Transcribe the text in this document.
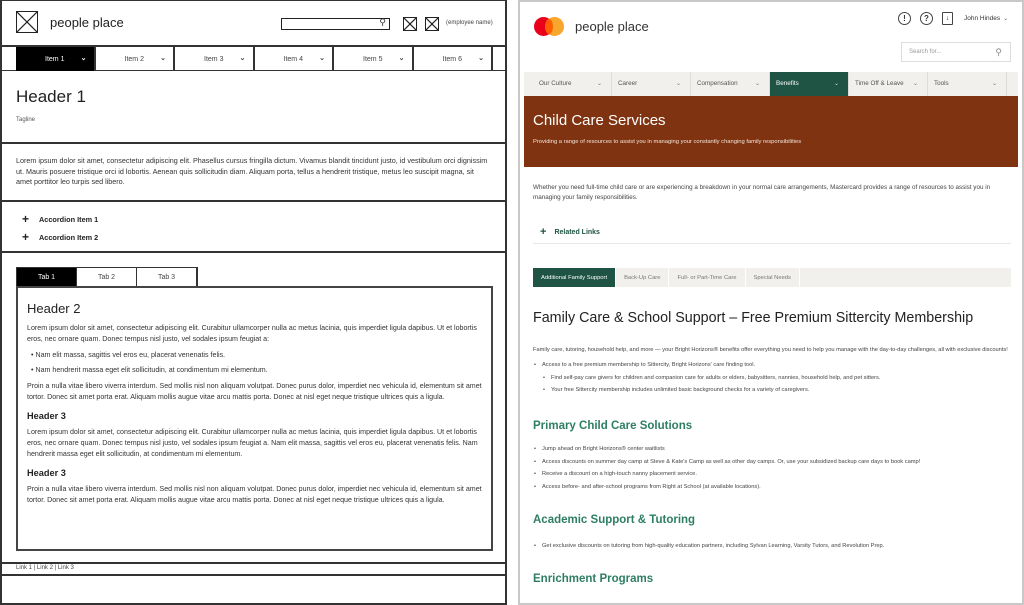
people place	⚲	(employee name)
Item 1 ⌄	Item 2 ⌄	Item 3 ⌄	Item 4 ⌄	Item 5 ⌄	Item 6 ⌄
Header 1
Tagline
Lorem ipsum dolor sit amet, consectetur adipiscing elit. Phasellus cursus fringilla dictum. Vivamus blandit tincidunt justo, id vestibulum orci dignissim ut. Mauris posuere tristique orci id lobortis. Aenean quis sollicitudin diam. Aliquam porta, tellus a hendrerit tristique, metus leo suscipit magna, sit amet porttitor leo turpis sed libero.
+	Accordion Item 1
+	Accordion Item 2
Tab 1	Tab 2	Tab 3
Header 2

Lorem ipsum dolor sit amet, consectetur adipiscing elit. Curabitur ullamcorper nulla ac metus lacinia, quis imperdiet ligula dapibus. Ut et lobortis eros, nec ornare quam. Donec tempus nisl justo, vel sodales ipsum feugiat a:

• Nam elit massa, sagittis vel eros eu, placerat venenatis felis.
• Nam hendrerit massa eget elit sollicitudin, at condimentum mi elementum.

Proin a nulla vitae libero viverra interdum. Sed mollis nisl non aliquam volutpat. Donec purus dolor, imperdiet nec vehicula id, elementum sit amet tortor. Donec sit amet porta erat. Aliquam mollis augue vitae arcu mattis porta. Donec at nisl eget neque tristique ultrices quis a ligula.

Header 3

Lorem ipsum dolor sit amet, consectetur adipiscing elit. Curabitur ullamcorper nulla ac metus lacinia, quis imperdiet ligula dapibus. Ut et lobortis eros, nec ornare quam. Donec tempus nisl justo, vel sodales ipsum feugiat a. Nam elit massa, sagittis vel eros eu, placerat venenatis felis. Nam hendrerit massa eget elit sollicitudin, at condimentum mi elementum.

Header 3

Proin a nulla vitae libero viverra interdum. Sed mollis nisl non aliquam volutpat. Donec purus dolor, imperdiet nec vehicula id, elementum sit amet tortor. Donec sit amet porta erat. Aliquam mollis augue vitae arcu mattis porta. Donec at nisl eget neque tristique ultrices quis a ligula.

Link 1 | Link 2 | Link 3
people place
!	?	↓	John Hindes ⌄
Search for...	⚲
Our Culture	⌄	Career	⌄	Compensation	⌄	Benefits	⌄	Time Off & Leave ⌄	Tools	⌄
Child Care Services

Providing a range of resources to assist you in managing your constantly changing family responsibilities

Whether you need full-time child care or are experiencing a breakdown in your normal care arrangements, Mastercard provides a range of resources to assist you in managing your family responsibilities.
+ Related Links
Additional Family Support	Back-Up Care	Full- or Part-Time Care	Special Needs
Family Care & School Support – Free Premium Sittercity Membership

Family care, tutoring, household help, and more — your Bright Horizons® benefits offer everything you need to help you manage with the day-to-day challenges, all with exclusive discounts!

• Access to a free premium membership to Sittercity, Bright Horizons' care finding tool.
• Find self-pay care givers for children and companion care for adults or elders, babysitters, nannies, household help, and pet sitters.
• Your free Sittercity membership includes unlimited basic background checks for a variety of caregivers.
Primary Child Care Solutions
• Jump ahead on Bright Horizons® center waitlists
• Access discounts on summer day camp at Steve & Kate's Camp as well as other day camps. Or, use your subsidized backup care days to book camp!
• Receive a discount on a high-touch nanny placement service.
• Access before- and after-school programs from Right at School (at available locations).
Academic Support & Tutoring
• Get exclusive discounts on tutoring from high-quality education partners, including Sylvan Learning, Varsity Tutors, and Revolution Prep.
Enrichment Programs
